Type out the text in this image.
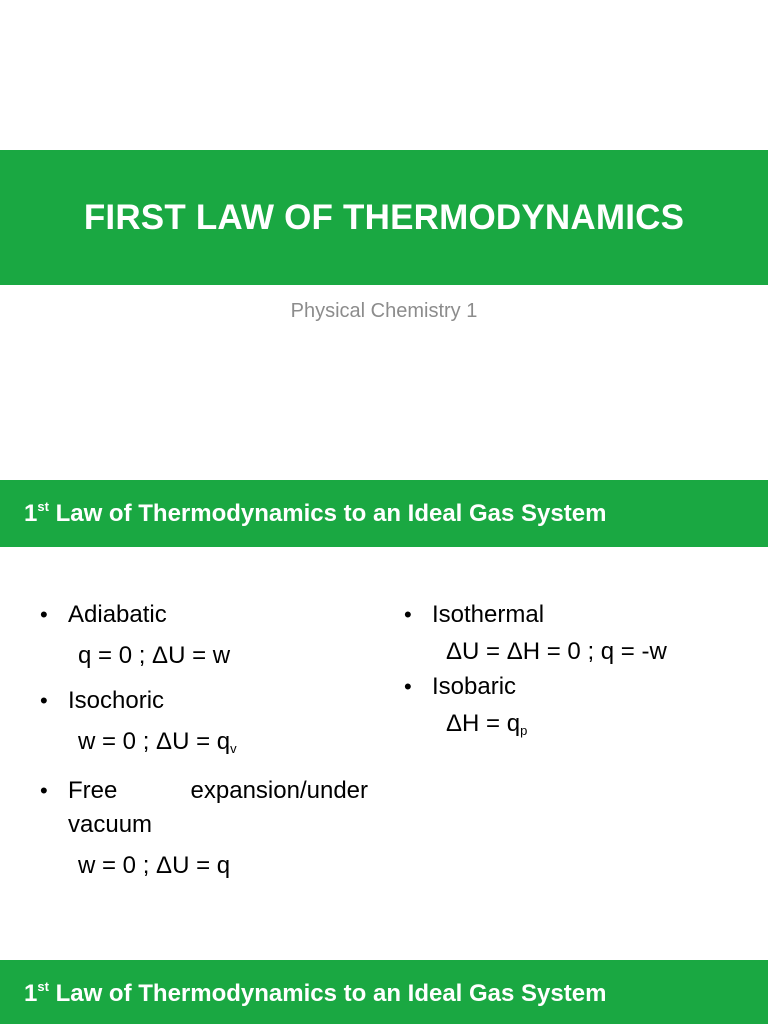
FIRST LAW OF THERMODYNAMICS
Physical Chemistry 1
1st Law of Thermodynamics to an Ideal Gas System
• Adiabatic
q = 0 ; ΔU = w
• Isochoric
w = 0 ; $\Delta U = q_v$
• Free	expansion/under
vacuum
w = 0 ; ΔU = q
• Isothermal
ΔU = ΔH = 0 ; q = -w
• Isobaric
$\Delta H = q_p$
1st Law of Thermodynamics to an Ideal Gas System
